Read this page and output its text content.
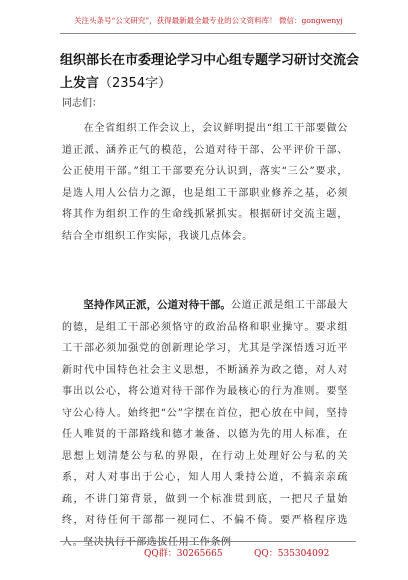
关注头条号“公文研究”，获得最新最全最专业的公文资料库！ 微信：gongwenyj
组织部长在市委理论学习中心组专题学习研讨交流会上发言（2354字）
同志们：
　　在全省组织工作会议上，会议鲜明提出“组工干部要做公道正派、涵养正气的模范，公道对待干部、公平评价干部、公正使用干部。”组工干部要充分认识到，落实“三公”要求，是选人用人公信力之源，也是组工干部职业修养之基，必须将其作为组织工作的生命线抓紧抓实。根据研讨交流主题，结合全市组织工作实际，我谈几点体会。
　　坚持作风正派，公道对待干部。公道正派是组工干部最大的德，是组工干部必须恪守的政治品格和职业操守。要求组工干部必须加强党的创新理论学习，尤其是学深悟透习近平新时代中国特色社会主义思想，不断涵养为政之德，对人对事出以公心，将公道对待干部作为最核心的行为准则。要坚守公心待人。始终把“公”字摆在首位，把心放在中间，坚持任人唯贤的干部路线和德才兼备、以德为先的用人标准，在思想上划清楚公与私的界限，在行动上处理好公与私的关系，对人对事出于公心，知人用人秉持公道，不搞亲亲疏疏，不讲门第背景，做到一个标准贯到底，一把尺子量始终，对待任何干部都一视同仁、不偏不倚。要严格程序选人。坚决执行干部选拔任用工作条例
QQ群：30265665	QQ：535304092
